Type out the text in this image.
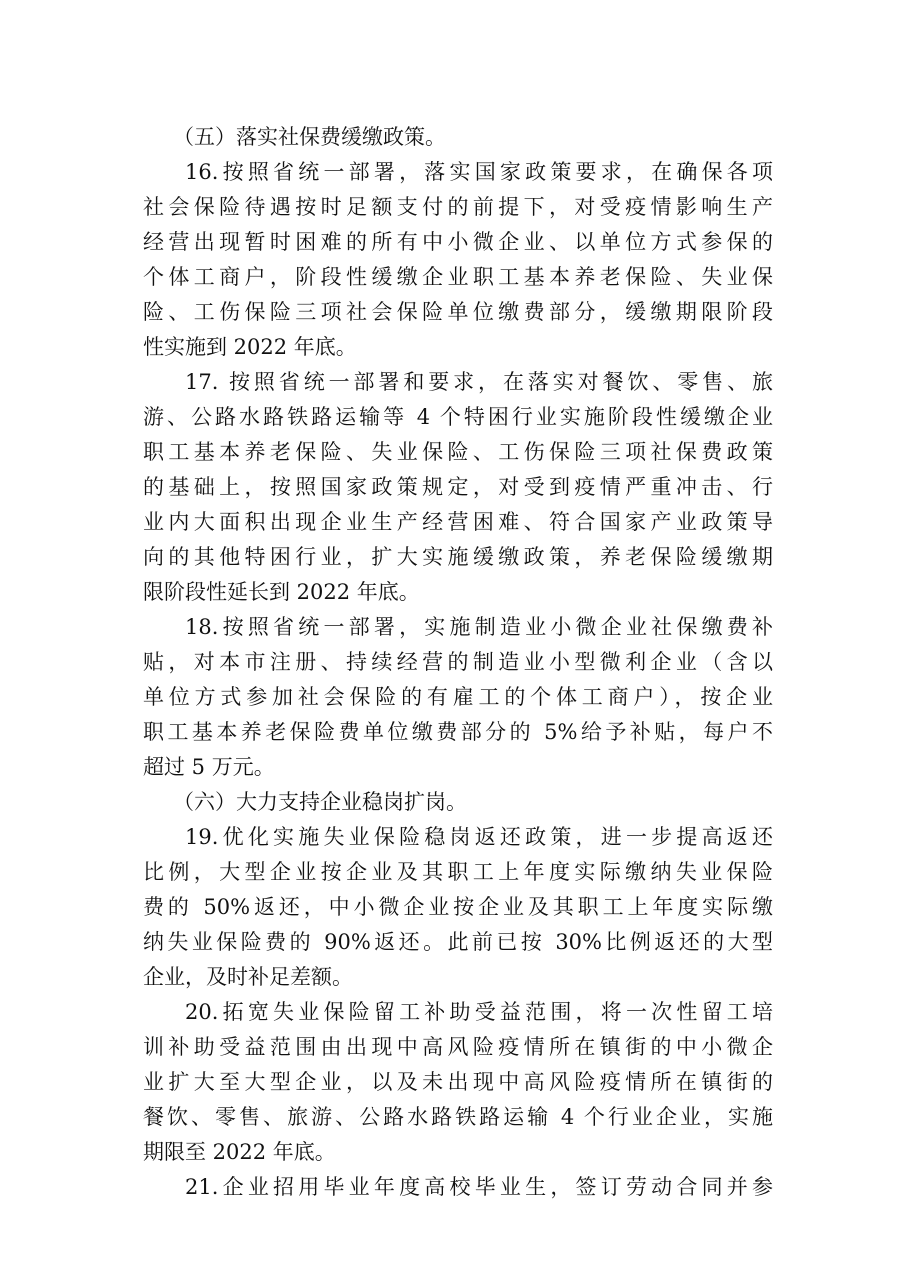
（五）落实社保费缓缴政策。
16.按照省统一部署，落实国家政策要求，在确保各项
社会保险待遇按时足额支付的前提下，对受疫情影响生产
经营出现暂时困难的所有中小微企业、以单位方式参保的
个体工商户，阶段性缓缴企业职工基本养老保险、失业保
险、工伤保险三项社会保险单位缴费部分，缓缴期限阶段
性实施到 2022 年底。
17. 按照省统一部署和要求，在落实对餐饮、零售、旅
游、公路水路铁路运输等 4 个特困行业实施阶段性缓缴企业
职工基本养老保险、失业保险、工伤保险三项社保费政策
的基础上，按照国家政策规定，对受到疫情严重冲击、行
业内大面积出现企业生产经营困难、符合国家产业政策导
向的其他特困行业，扩大实施缓缴政策，养老保险缓缴期
限阶段性延长到 2022 年底。
18.按照省统一部署，实施制造业小微企业社保缴费补
贴，对本市注册、持续经营的制造业小型微利企业（含以
单位方式参加社会保险的有雇工的个体工商户），按企业
职工基本养老保险费单位缴费部分的 5%给予补贴，每户不
超过 5 万元。
（六）大力支持企业稳岗扩岗。
19.优化实施失业保险稳岗返还政策，进一步提高返还
比例，大型企业按企业及其职工上年度实际缴纳失业保险
费的 50%返还，中小微企业按企业及其职工上年度实际缴
纳失业保险费的 90%返还。此前已按 30%比例返还的大型
企业，及时补足差额。
20.拓宽失业保险留工补助受益范围，将一次性留工培
训补助受益范围由出现中高风险疫情所在镇街的中小微企
业扩大至大型企业，以及未出现中高风险疫情所在镇街的
餐饮、零售、旅游、公路水路铁路运输 4 个行业企业，实施
期限至 2022 年底。
21.企业招用毕业年度高校毕业生，签订劳动合同并参
